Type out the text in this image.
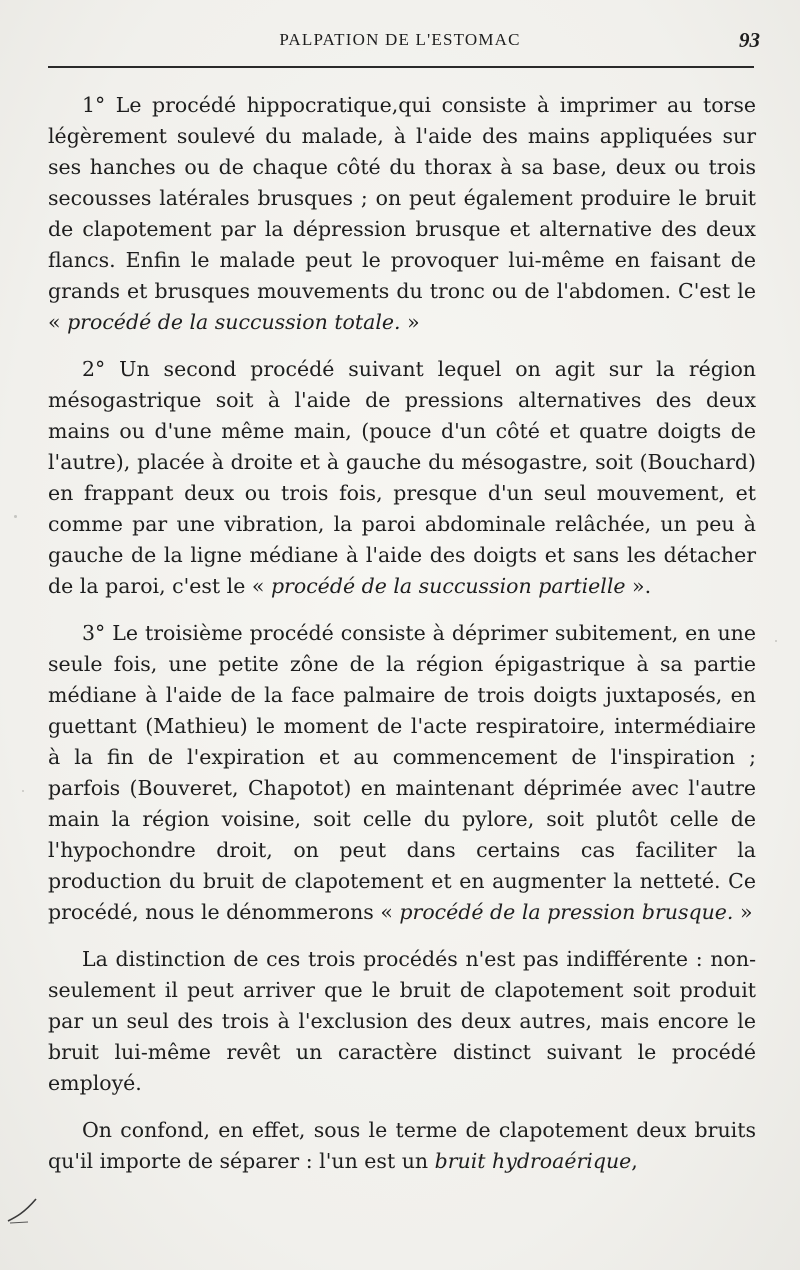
PALPATION DE L'ESTOMAC	93

1° Le procédé hippocratique,qui consiste à imprimer au torse légèrement soulevé du malade, à l'aide des mains appliquées sur ses hanches ou de chaque côté du thorax à sa base, deux ou trois secousses latérales brusques ; on peut également produire le bruit de clapotement par la dépression brusque et alternative des deux flancs. Enfin le malade peut le provoquer lui-même en faisant de grands et brusques mouvements du tronc ou de l'abdomen. C'est le « procédé de la succussion totale. »

2° Un second procédé suivant lequel on agit sur la région mésogastrique soit à l'aide de pressions alternatives des deux mains ou d'une même main, (pouce d'un côté et quatre doigts de l'autre), placée à droite et à gauche du mésogastre, soit (Bouchard) en frappant deux ou trois fois, presque d'un seul mouvement, et comme par une vibration, la paroi abdominale relâchée, un peu à gauche de la ligne médiane à l'aide des doigts et sans les détacher de la paroi, c'est le « procédé de la succussion partielle ».

3° Le troisième procédé consiste à déprimer subitement, en une seule fois, une petite zône de la région épigastrique à sa partie médiane à l'aide de la face palmaire de trois doigts juxtaposés, en guettant (Mathieu) le moment de l'acte respiratoire, intermédiaire à la fin de l'expiration et au commencement de l'inspiration ; parfois (Bouveret, Chapotot) en maintenant déprimée avec l'autre main la région voisine, soit celle du pylore, soit plutôt celle de l'hypochondre droit, on peut dans certains cas faciliter la production du bruit de clapotement et en augmenter la netteté. Ce procédé, nous le dénommerons « procédé de la pression brusque. »

La distinction de ces trois procédés n'est pas indifférente : non-seulement il peut arriver que le bruit de clapotement soit produit par un seul des trois à l'exclusion des deux autres, mais encore le bruit lui-même revêt un caractère distinct suivant le procédé employé.

On confond, en effet, sous le terme de clapotement deux bruits qu'il importe de séparer : l'un est un bruit hydroaérique,
